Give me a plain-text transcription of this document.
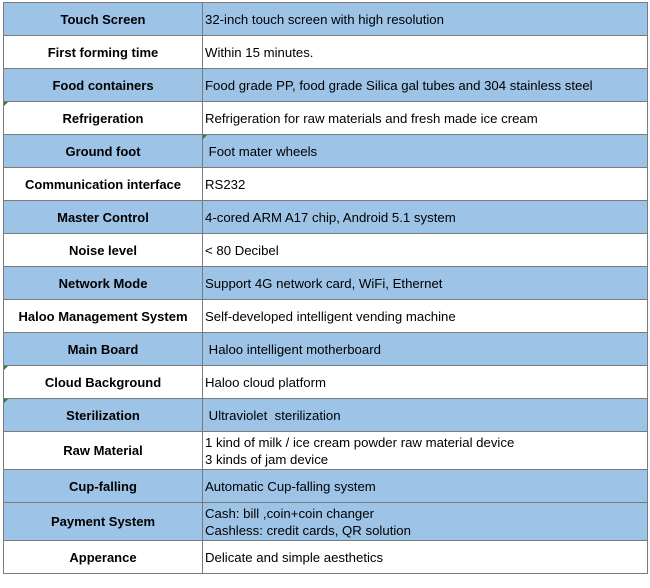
Touch Screen	32-inch touch screen with high resolution

First forming time	Within 15 minutes.

Food containers	Food grade PP, food grade Silica gal tubes and 304 stainless steel

Refrigeration	Refrigeration for raw materials and fresh made ice cream

Ground foot	Foot mater wheels

Communication interface	RS232

Master Control	4-cored ARM A17 chip, Android 5.1 system

Noise level	< 80 Decibel

Network Mode	Support 4G network card, WiFi, Ethernet

Haloo Management System	Self-developed intelligent vending machine

Main Board	Haloo intelligent motherboard

Cloud Background	Haloo cloud platform

Sterilization	Ultraviolet  sterilization

Raw Material	1 kind of milk / ice cream powder raw material device
3 kinds of jam device

Cup-falling	Automatic Cup-falling system

Payment System	Cash: bill ,coin+coin changer
Cashless: credit cards, QR solution

Apperance	Delicate and simple aesthetics
